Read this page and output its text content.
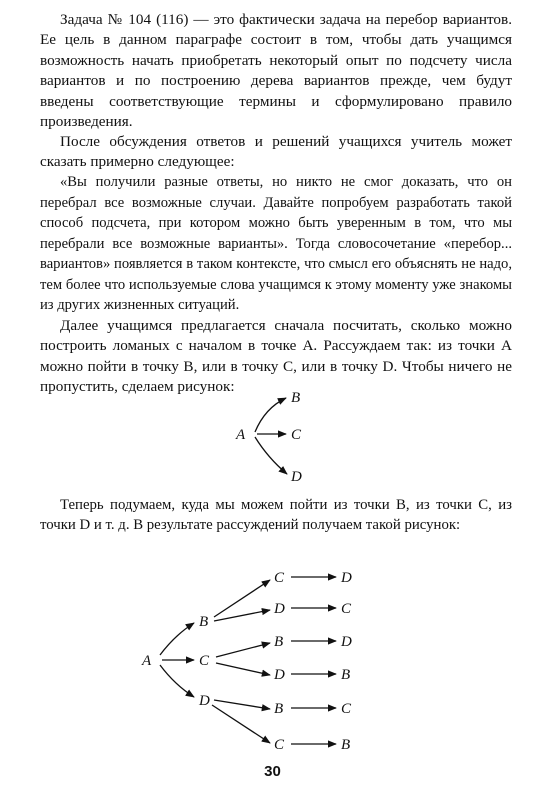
Задача № 104 (116) — это фактически задача на перебор вариантов. Ее цель в данном параграфе состоит в том, чтобы дать учащимся возможность начать приобретать некоторый опыт по подсчету числа вариантов и по построению дерева вариантов прежде, чем будут введены соответствующие термины и сформулировано правило произведения.

После обсуждения ответов и решений учащихся учитель может сказать примерно следующее:

«Вы получили разные ответы, но никто не смог доказать, что он перебрал все возможные случаи. Давайте попробуем разработать такой способ подсчета, при котором можно быть уверенным в том, что мы перебрали все возможные варианты». Тогда словосочетание «перебор... вариантов» появляется в таком контексте, что смысл его объяснять не надо, тем более что используемые слова учащимся к этому моменту уже знакомы из других жизненных ситуаций.

Далее учащимся предлагается сначала посчитать, сколько можно построить ломаных с началом в точке A. Рассуждаем так: из точки A можно пойти в точку B, или в точку C, или в точку D. Чтобы ничего не пропустить, сделаем рисунок:

A
B
C
D

Теперь подумаем, куда мы можем пойти из точки B, из точки C, из точки D и т. д. В результате рассуждений получаем такой рисунок:

A
B
C
D
C
D
B
D
B
C
D
C
D
B
C
B
30
